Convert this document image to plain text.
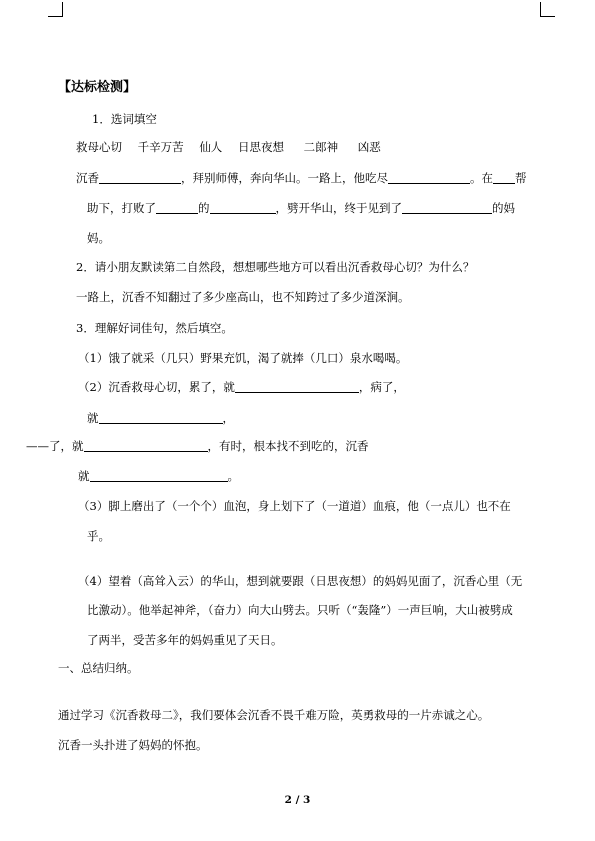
【达标检测】
1．选词填空
救母心切 千辛万苦 仙人 日思夜想 二郎神 凶恶
沉香	，拜别师傅，奔向华山。一路上，他吃尽	。在 帮
助下，打败了	的	，劈开华山，终于见到了	的妈
妈。
2．请小朋友默读第二自然段，想想哪些地方可以看出沉香救母心切？为什么？
一路上，沉香不知翻过了多少座高山，也不知跨过了多少道深涧。
3．理解好词佳句，然后填空。
（1）饿了就采（几只）野果充饥，渴了就捧（几口）泉水喝喝。
（2）沉香救母心切，累了，就	，病了，
就	，
——了，就	，有时，根本找不到吃的，沉香
就	。
（3）脚上磨出了（一个个）血泡，身上划下了（一道道）血痕，他（一点儿）也不在
乎。
（4）望着（高耸入云）的华山，想到就要跟（日思夜想）的妈妈见面了，沉香心里（无
比激动）。他举起神斧，（奋力）向大山劈去。只听（“轰隆”）一声巨响，大山被劈成
了两半，受苦多年的妈妈重见了天日。
一、总结归纳。
通过学习《沉香救母二》，我们要体会沉香不畏千难万险，英勇救母的一片赤诚之心。
沉香一头扑进了妈妈的怀抱。
2 / 3
